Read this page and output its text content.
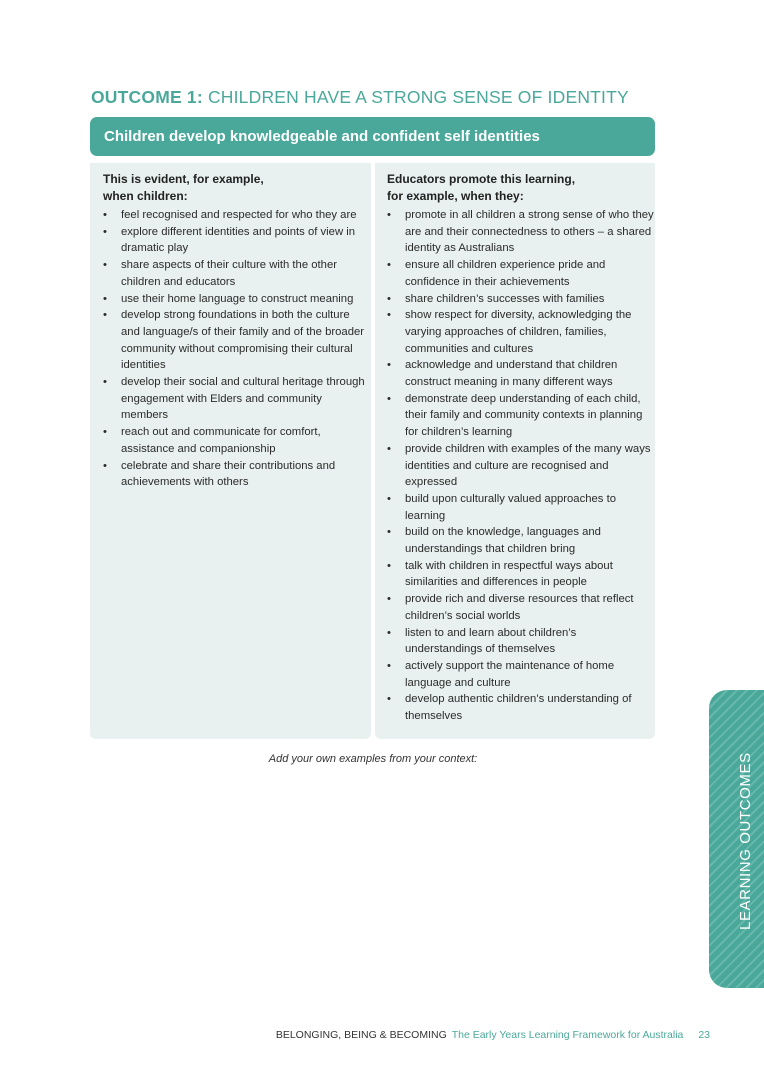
OUTCOME 1: CHILDREN HAVE A STRONG SENSE OF IDENTITY
Children develop knowledgeable and confident self identities
This is evident, for example,
when children:
•	feel recognised and respected for who they are
•	explore different identities and points of view in dramatic play
•	share aspects of their culture with the other children and educators
•	use their home language to construct meaning
•	develop strong foundations in both the culture and language/s of their family and of the broader community without compromising their cultural identities
•	develop their social and cultural heritage through engagement with Elders and community members
•	reach out and communicate for comfort, assistance and companionship
•	celebrate and share their contributions and achievements with others
Educators promote this learning,
for example, when they:
•	promote in all children a strong sense of who they are and their connectedness to others – a shared identity as Australians
•	ensure all children experience pride and confidence in their achievements
•	share children’s successes with families
•	show respect for diversity, acknowledging the varying approaches of children, families, communities and cultures
•	acknowledge and understand that children construct meaning in many different ways
•	demonstrate deep understanding of each child, their family and community contexts in planning for children’s learning
•	provide children with examples of the many ways identities and culture are recognised and expressed
•	build upon culturally valued approaches to learning
•	build on the knowledge, languages and understandings that children bring
•	talk with children in respectful ways about similarities and differences in people
•	provide rich and diverse resources that reflect children’s social worlds
•	listen to and learn about children’s understandings of themselves
•	actively support the maintenance of home language and culture
•	develop authentic children’s understanding of themselves
Add your own examples from your context:	LEARNING OUTCOMES
BELONGING, BEING & BECOMING The Early Years Learning Framework for Australia 23
